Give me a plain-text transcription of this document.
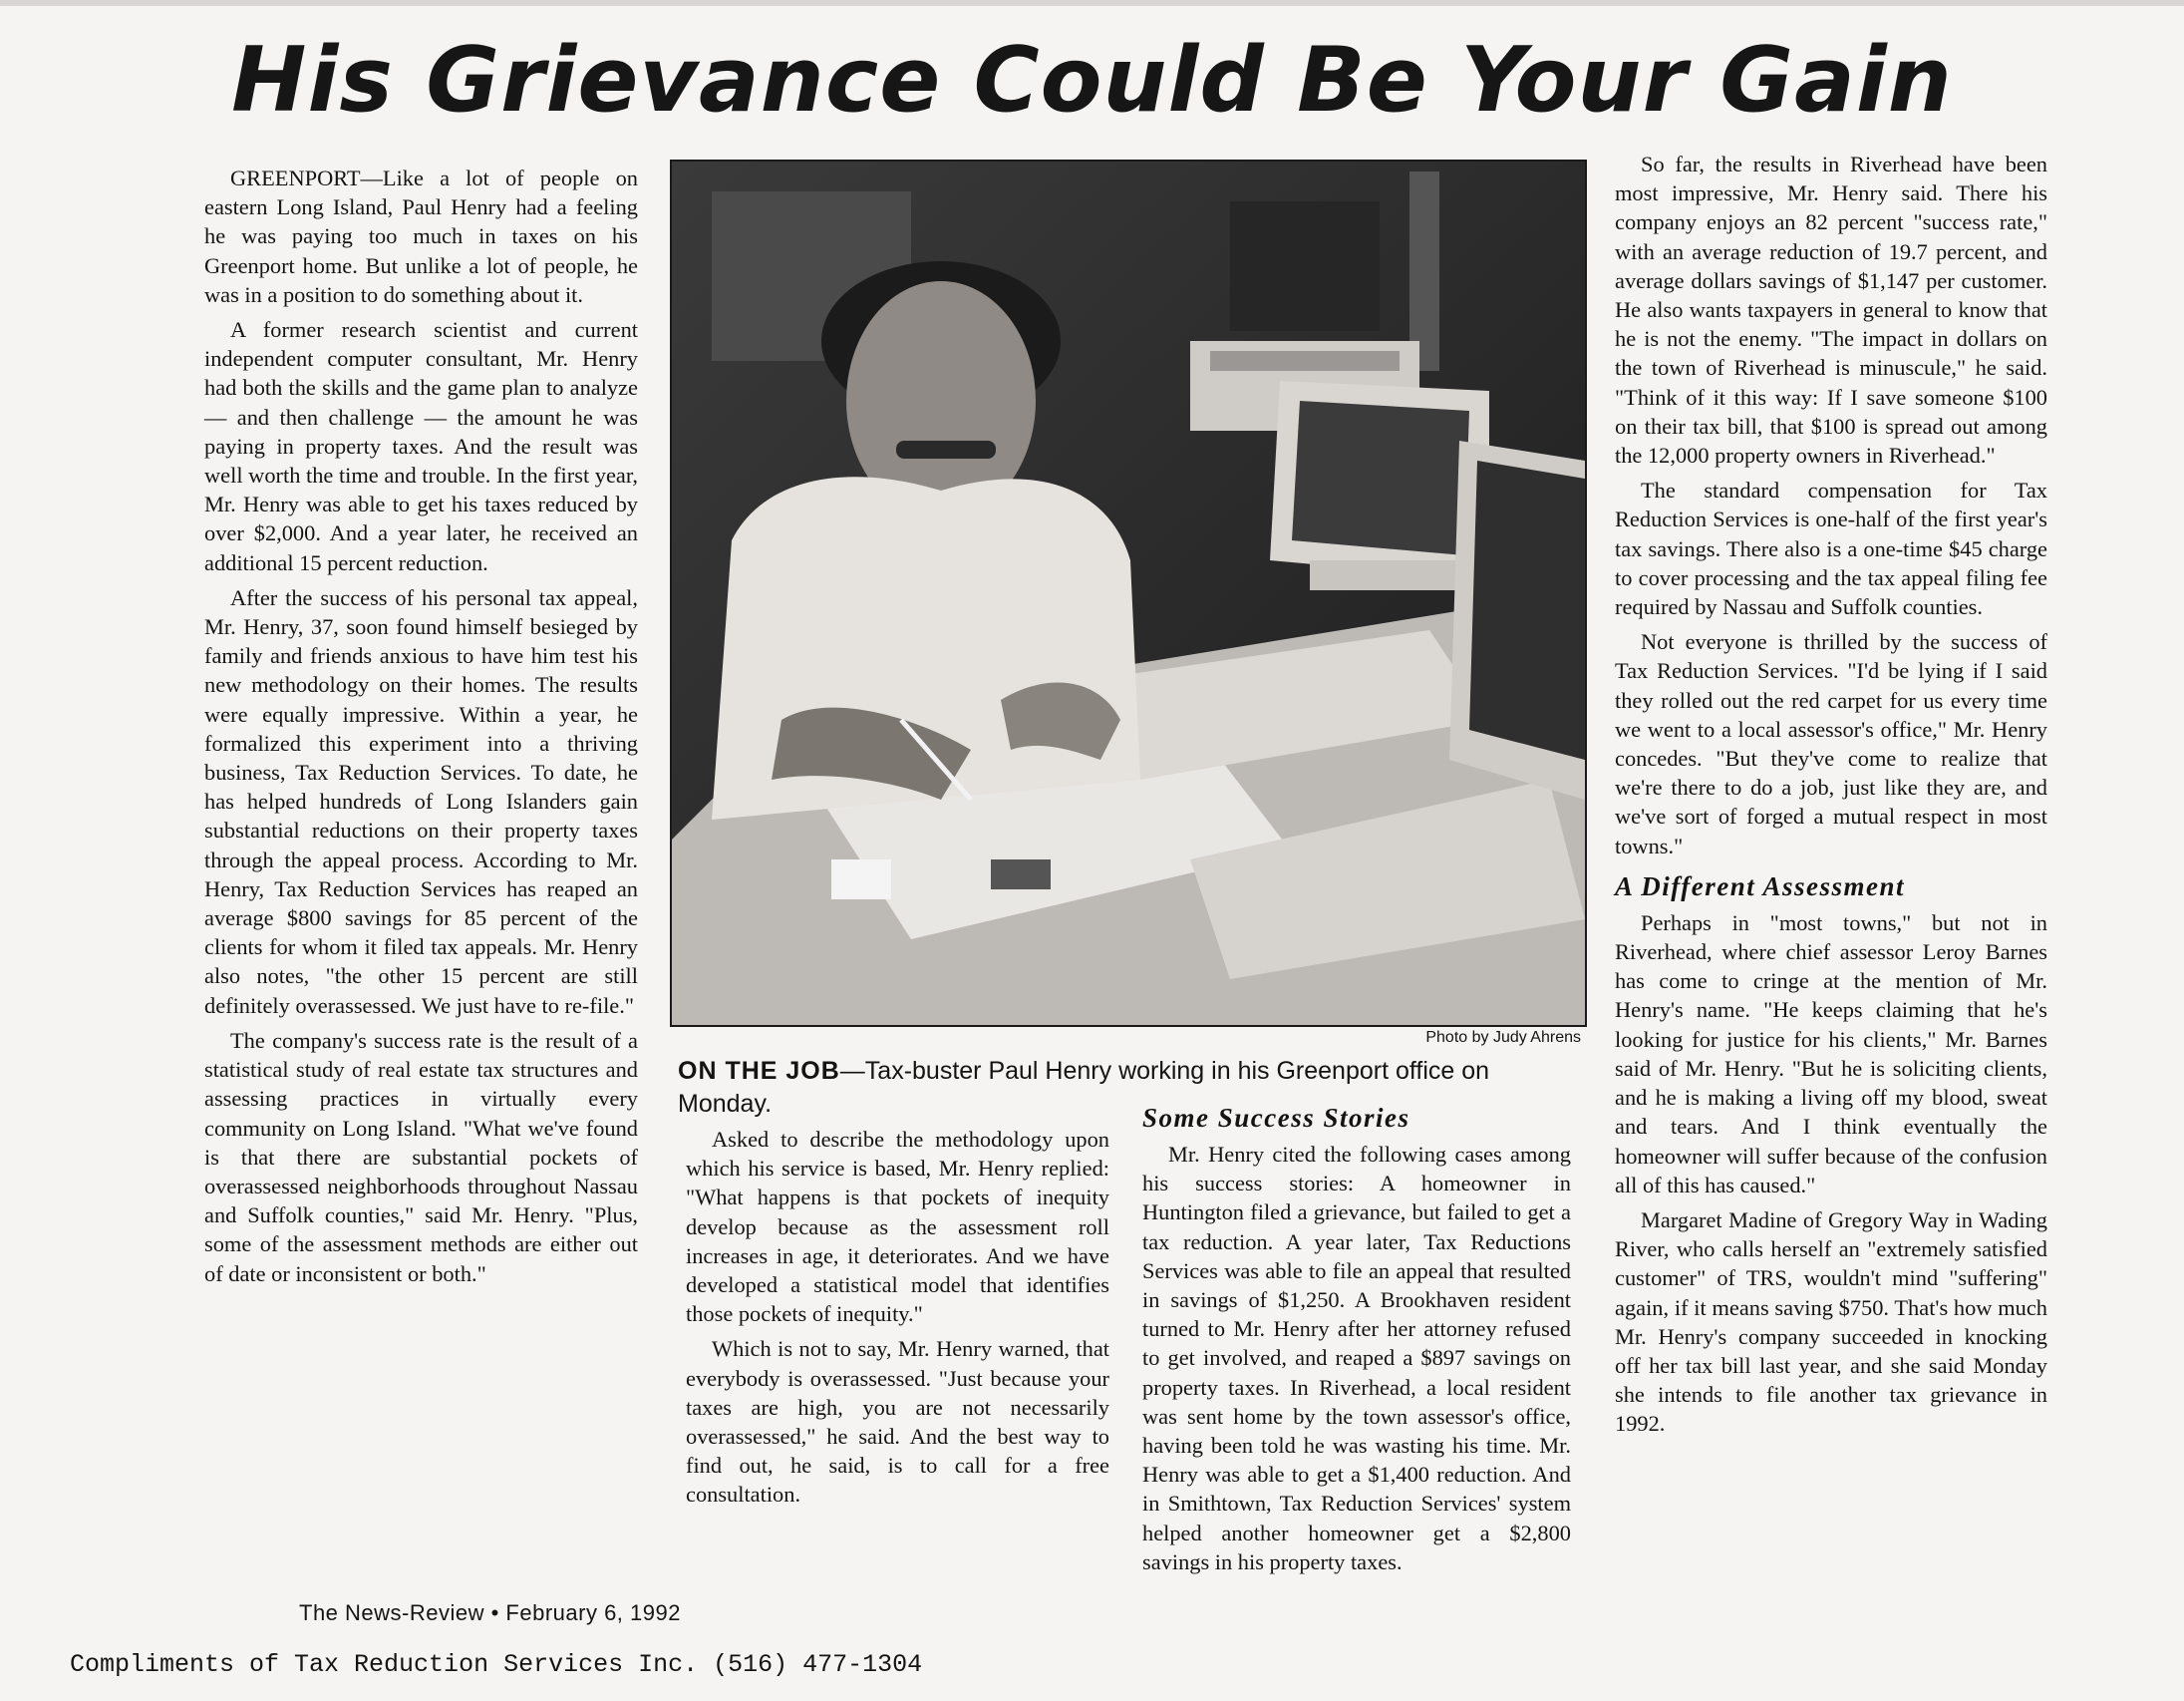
His Grievance Could Be Your Gain

GREENPORT—Like a lot of people on eastern Long Island, Paul Henry had a feeling he was paying too much in taxes on his Greenport home. But unlike a lot of people, he was in a position to do something about it.

A former research scientist and current independent computer consultant, Mr. Henry had both the skills and the game plan to analyze — and then challenge — the amount he was paying in property taxes. And the result was well worth the time and trouble. In the first year, Mr. Henry was able to get his taxes reduced by over $2,000. And a year later, he received an additional 15 percent reduction.

After the success of his personal tax appeal, Mr. Henry, 37, soon found himself besieged by family and friends anxious to have him test his new methodology on their homes. The results were equally impressive. Within a year, he formalized this experiment into a thriving business, Tax Reduction Services. To date, he has helped hundreds of Long Islanders gain substantial reductions on their property taxes through the appeal process. According to Mr. Henry, Tax Reduction Services has reaped an average $800 savings for 85 percent of the clients for whom it filed tax appeals. Mr. Henry also notes, "the other 15 percent are still definitely overassessed. We just have to re-file."

The company's success rate is the result of a statistical study of real estate tax structures and assessing practices in virtually every community on Long Island. "What we've found is that there are substantial pockets of overassessed neighborhoods throughout Nassau and Suffolk counties," said Mr. Henry. "Plus, some of the assessment methods are either out of date or inconsistent or both."

Photo by Judy Ahrens
ON THE JOB—Tax-buster Paul Henry working in his Greenport office on Monday.

Asked to describe the methodology upon which his service is based, Mr. Henry replied: "What happens is that pockets of inequity develop because as the assessment roll increases in age, it deteriorates. And we have developed a statistical model that identifies those pockets of inequity."

Which is not to say, Mr. Henry warned, that everybody is overassessed. "Just because your taxes are high, you are not necessarily overassessed," he said. And the best way to find out, he said, is to call for a free consultation.

Some Success Stories

Mr. Henry cited the following cases among his success stories: A homeowner in Huntington filed a grievance, but failed to get a tax reduction. A year later, Tax Reductions Services was able to file an appeal that resulted in savings of $1,250. A Brookhaven resident turned to Mr. Henry after her attorney refused to get involved, and reaped a $897 savings on property taxes. In Riverhead, a local resident was sent home by the town assessor's office, having been told he was wasting his time. Mr. Henry was able to get a $1,400 reduction. And in Smithtown, Tax Reduction Services' system helped another homeowner get a $2,800 savings in his property taxes.

So far, the results in Riverhead have been most impressive, Mr. Henry said. There his company enjoys an 82 percent "success rate," with an average reduction of 19.7 percent, and average dollars savings of $1,147 per customer. He also wants taxpayers in general to know that he is not the enemy. "The impact in dollars on the town of Riverhead is minuscule," he said. "Think of it this way: If I save someone $100 on their tax bill, that $100 is spread out among the 12,000 property owners in Riverhead."

The standard compensation for Tax Reduction Services is one-half of the first year's tax savings. There also is a one-time $45 charge to cover processing and the tax appeal filing fee required by Nassau and Suffolk counties.

Not everyone is thrilled by the success of Tax Reduction Services. "I'd be lying if I said they rolled out the red carpet for us every time we went to a local assessor's office," Mr. Henry concedes. "But they've come to realize that we're there to do a job, just like they are, and we've sort of forged a mutual respect in most towns."

A Different Assessment

Perhaps in "most towns," but not in Riverhead, where chief assessor Leroy Barnes has come to cringe at the mention of Mr. Henry's name. "He keeps claiming that he's looking for justice for his clients," Mr. Barnes said of Mr. Henry. "But he is soliciting clients, and he is making a living off my blood, sweat and tears. And I think eventually the homeowner will suffer because of the confusion all of this has caused."

Margaret Madine of Gregory Way in Wading River, who calls herself an "extremely satisfied customer" of TRS, wouldn't mind "suffering" again, if it means saving $750. That's how much Mr. Henry's company succeeded in knocking off her tax bill last year, and she said Monday she intends to file another tax grievance in 1992.

The News-Review • February 6, 1992
Compliments of Tax Reduction Services Inc. (516) 477-1304
